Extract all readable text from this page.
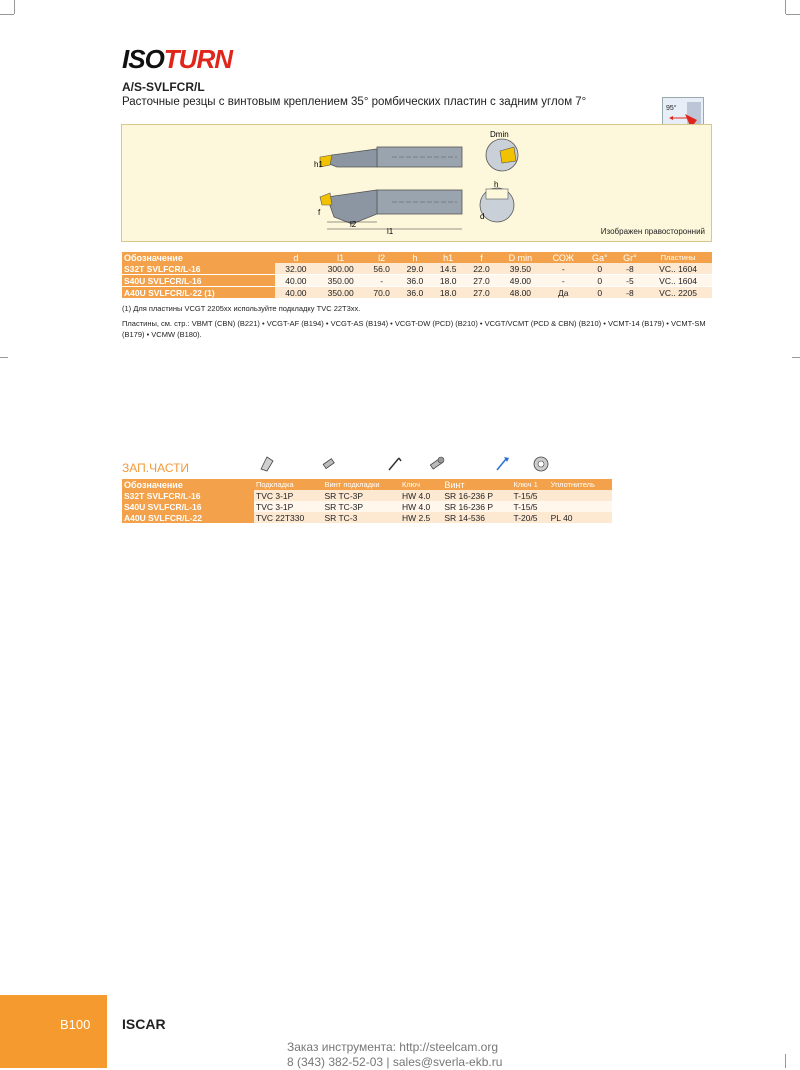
ISOTURN
A/S-SVLFCR/L
Расточные резцы с винтовым креплением 35° ромбических пластин с задним углом 7°
95°
h1
f
l2
l1
Dmin
h
d
Изображен правосторонний
Обозначение	d	l1	l2	h	h1	f	D min	СОЖ	Ga°	Gr°	Пластины
S32T SVLFCR/L-16	32.00	300.00	56.0	29.0	14.5	22.0	39.50	-	0	-8	VC.. 1604
S40U SVLFCR/L-16	40.00	350.00	-	36.0	18.0	27.0	49.00	-	0	-5	VC.. 1604
A40U SVLFCR/L-22 (1)	40.00	350.00	70.0	36.0	18.0	27.0	48.00	Да	0	-8	VC.. 2205
(1) Для пластины VCGT 2205xx используйте подкладку TVC 22T3xx.
Пластины, см. стр.: VBMT (CBN) (B221) • VCGT-AF (B194) • VCGT-AS (B194) • VCGT-DW (PCD) (B210) • VCGT/VCMT (PCD & CBN) (B210) • VCMT-14 (B179) • VCMT-SM (B179) • VCMW (B180).
ЗАП.ЧАСТИ
Обозначение	Подкладка	Винт подкладки	Ключ	Винт	Ключ 1	Уплотнитель
S32T SVLFCR/L-16	TVC 3-1P	SR TC-3P	HW 4.0	SR 16-236 P	T-15/5	
S40U SVLFCR/L-16	TVC 3-1P	SR TC-3P	HW 4.0	SR 16-236 P	T-15/5	
A40U SVLFCR/L-22	TVC 22T330	SR TC-3	HW 2.5	SR 14-536	T-20/5	PL 40
B100 ISCAR
Заказ инструмента: http://steelcam.org
8 (343) 382-52-03 | sales@sverla-ekb.ru
